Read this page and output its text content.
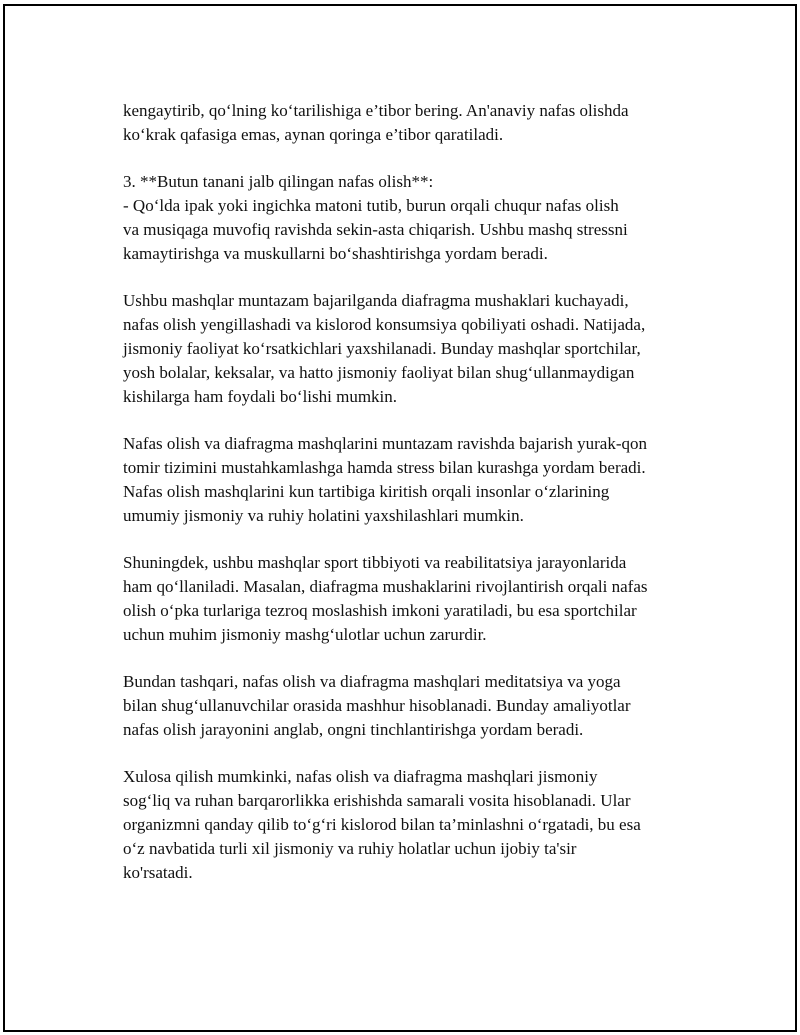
kengaytirib, qo‘lning ko‘tarilishiga e’tibor bering. An'anaviy nafas olishda
ko‘krak qafasiga emas, aynan qoringa e’tibor qaratiladi.

3. **Butun tanani jalb qilingan nafas olish**:
- Qo‘lda ipak yoki ingichka matoni tutib, burun orqali chuqur nafas olish
va musiqaga muvofiq ravishda sekin-asta chiqarish. Ushbu mashq stressni
kamaytirishga va muskullarni bo‘shashtirishga yordam beradi.

Ushbu mashqlar muntazam bajarilganda diafragma mushaklari kuchayadi,
nafas olish yengillashadi va kislorod konsumsiya qobiliyati oshadi. Natijada,
jismoniy faoliyat ko‘rsatkichlari yaxshilanadi. Bunday mashqlar sportchilar,
yosh bolalar, keksalar, va hatto jismoniy faoliyat bilan shug‘ullanmaydigan
kishilarga ham foydali bo‘lishi mumkin.

Nafas olish va diafragma mashqlarini muntazam ravishda bajarish yurak-qon
tomir tizimini mustahkamlashga hamda stress bilan kurashga yordam beradi.
Nafas olish mashqlarini kun tartibiga kiritish orqali insonlar o‘zlarining
umumiy jismoniy va ruhiy holatini yaxshilashlari mumkin.

Shuningdek, ushbu mashqlar sport tibbiyoti va reabilitatsiya jarayonlarida
ham qo‘llaniladi. Masalan, diafragma mushaklarini rivojlantirish orqali nafas
olish o‘pka turlariga tezroq moslashish imkoni yaratiladi, bu esa sportchilar
uchun muhim jismoniy mashg‘ulotlar uchun zarurdir.

Bundan tashqari, nafas olish va diafragma mashqlari meditatsiya va yoga
bilan shug‘ullanuvchilar orasida mashhur hisoblanadi. Bunday amaliyotlar
nafas olish jarayonini anglab, ongni tinchlantirishga yordam beradi.

Xulosa qilish mumkinki, nafas olish va diafragma mashqlari jismoniy
sog‘liq va ruhan barqarorlikka erishishda samarali vosita hisoblanadi. Ular
organizmni qanday qilib to‘g‘ri kislorod bilan ta’minlashni o‘rgatadi, bu esa
o‘z navbatida turli xil jismoniy va ruhiy holatlar uchun ijobiy ta'sir
ko'rsatadi.
